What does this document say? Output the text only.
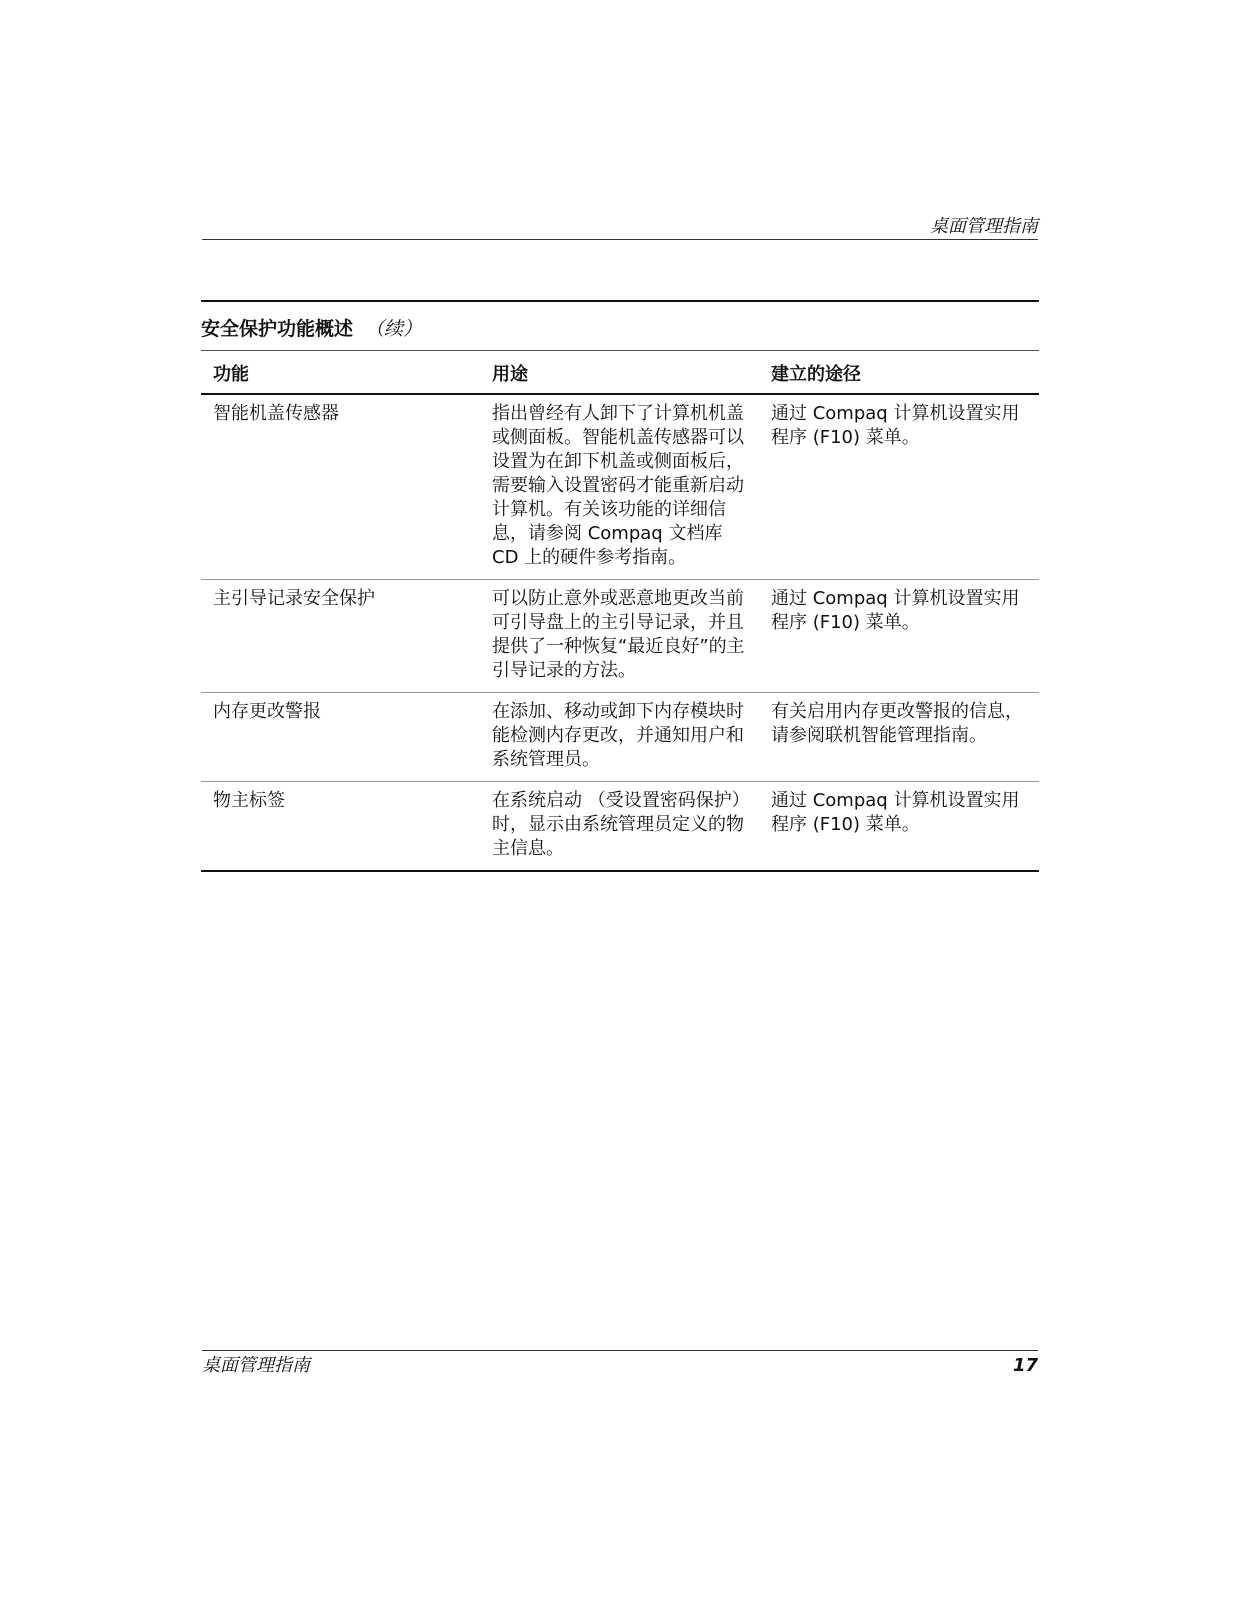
桌面管理指南
安全保护功能概述 （续）
功能	用途	建立的途径

智能机盖传感器	指出曾经有人卸下了计算机机盖或侧面板。智能机盖传感器可以设置为在卸下机盖或侧面板后，需要输入设置密码才能重新启动计算机。有关该功能的详细信息，请参阅 Compaq 文档库 CD 上的硬件参考指南。	通过 Compaq 计算机设置实用程序 (F10) 菜单。

主引导记录安全保护	可以防止意外或恶意地更改当前可引导盘上的主引导记录，并且提供了一种恢复“最近良好”的主引导记录的方法。	通过 Compaq 计算机设置实用程序 (F10) 菜单。

内存更改警报	在添加、移动或卸下内存模块时能检测内存更改，并通知用户和系统管理员。	有关启用内存更改警报的信息，请参阅联机智能管理指南。

物主标签	在系统启动 （受设置密码保护）时，显示由系统管理员定义的物主信息。	通过 Compaq 计算机设置实用程序 (F10) 菜单。
桌面管理指南	17
